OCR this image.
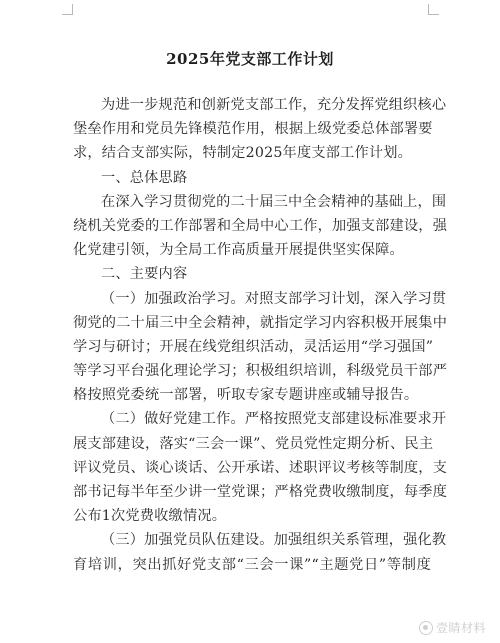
2025年党支部工作计划
为进一步规范和创新党支部工作，充分发挥党组织核心
堡垒作用和党员先锋模范作用，根据上级党委总体部署要
求，结合支部实际，特制定2025年度支部工作计划。
一、总体思路
在深入学习贯彻党的二十届三中全会精神的基础上，围
绕机关党委的工作部署和全局中心工作，加强支部建设，强
化党建引领，为全局工作高质量开展提供坚实保障。
二、主要内容
（一）加强政治学习。对照支部学习计划，深入学习贯
彻党的二十届三中全会精神，就指定学习内容积极开展集中
学习与研讨；开展在线党组织活动，灵活运用“学习强国”
等学习平台强化理论学习；积极组织培训，科级党员干部严
格按照党委统一部署，听取专家专题讲座或辅导报告。
（二）做好党建工作。严格按照党支部建设标准要求开
展支部建设，落实“三会一课”、党员党性定期分析、民主
评议党员、谈心谈话、公开承诺、述职评议考核等制度，支
部书记每半年至少讲一堂党课；严格党费收缴制度，每季度
公布1次党费收缴情况。
（三）加强党员队伍建设。加强组织关系管理，强化教
育培训，突出抓好党支部“三会一课”“主题党日”等制度
壹睛材料
